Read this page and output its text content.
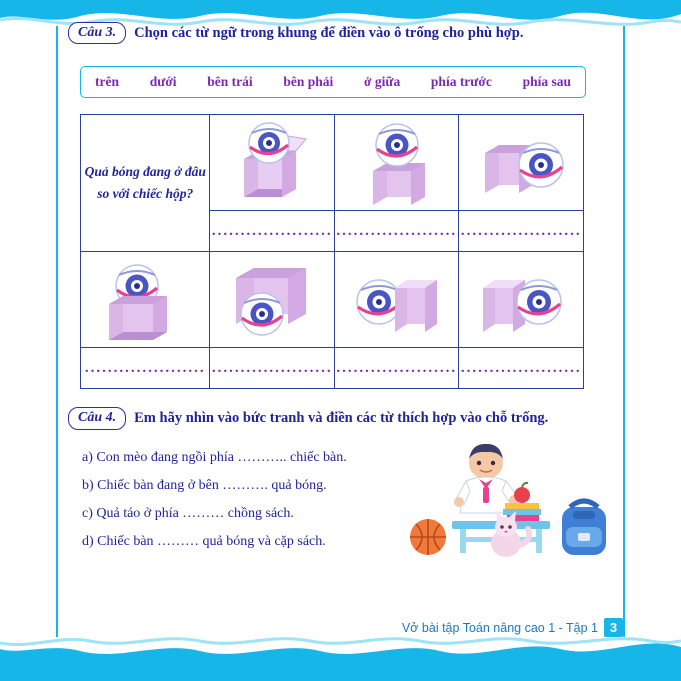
Câu 3.	Chọn các từ ngữ trong khung để điền vào ô trống cho phù hợp.
trên dưới bên trái bên phải ở giữa phía trước phía sau
Quả bóng đang ở đâu so với chiếc hộp?			
	.....................	.....................	.....................

.....................	.....................	.....................	.....................
Câu 4.	Em hãy nhìn vào bức tranh và điền các từ thích hợp vào chỗ trống.
a) Con mèo đang ngồi phía ……….. chiếc bàn.
b) Chiếc bàn đang ở bên ………. quả bóng.
c) Quả táo ở phía ……… chồng sách.
d) Chiếc bàn ……… quả bóng và cặp sách.
Vở bài tập Toán nâng cao 1 - Tập 1 3
